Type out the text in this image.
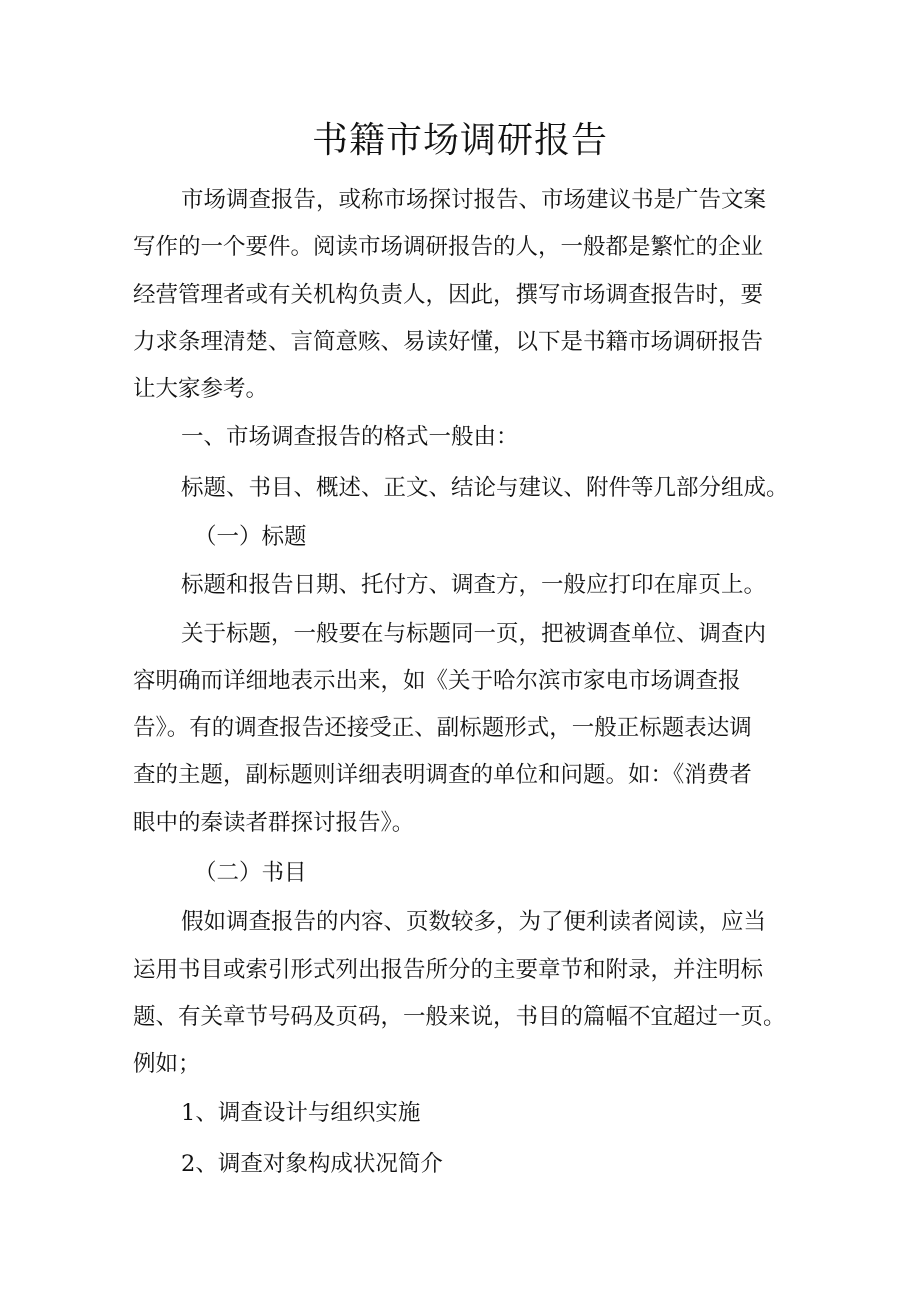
书籍市场调研报告

市场调查报告，或称市场探讨报告、市场建议书是广告文案

写作的一个要件。阅读市场调研报告的人，一般都是繁忙的企业

经营管理者或有关机构负责人，因此，撰写市场调查报告时，要

力求条理清楚、言简意赅、易读好懂，以下是书籍市场调研报告

让大家参考。

一、市场调查报告的格式一般由：

标题、书目、概述、正文、结论与建议、附件等几部分组成。

（一）标题

标题和报告日期、托付方、调查方，一般应打印在扉页上。

关于标题，一般要在与标题同一页，把被调查单位、调查内

容明确而详细地表示出来，如《关于哈尔滨市家电市场调查报

告》。有的调查报告还接受正、副标题形式，一般正标题表达调

查的主题，副标题则详细表明调查的单位和问题。如：《消费者

眼中的秦读者群探讨报告》。

（二）书目

假如调查报告的内容、页数较多，为了便利读者阅读，应当

运用书目或索引形式列出报告所分的主要章节和附录，并注明标

题、有关章节号码及页码，一般来说，书目的篇幅不宜超过一页。

例如；

1、调查设计与组织实施

2、调查对象构成状况简介
